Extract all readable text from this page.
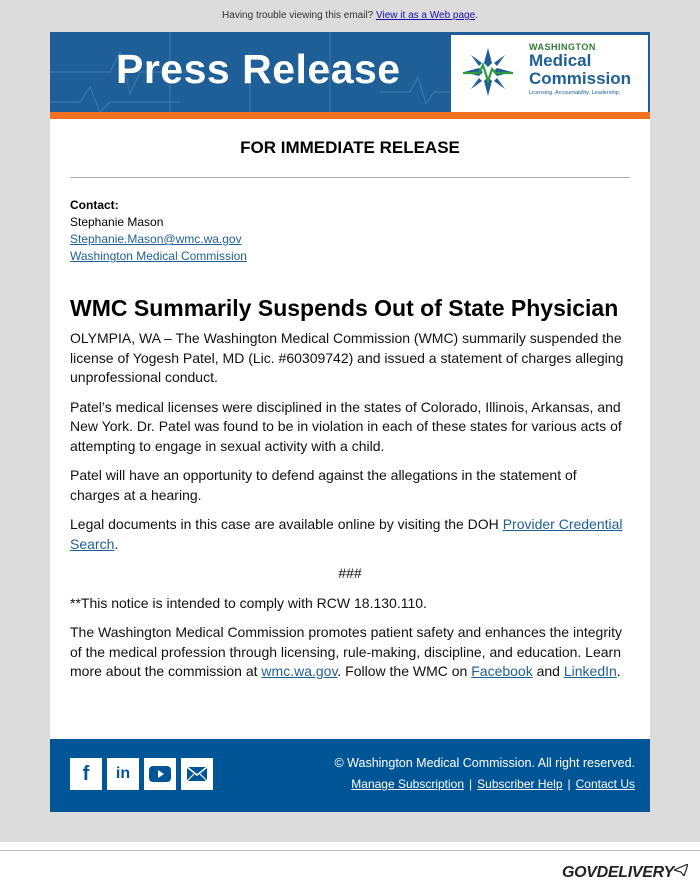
Having trouble viewing this email? View it as a Web page.
Press Release	WASHINGTON
Medical
Commission
Licensing. Accountability. Leadership.
FOR IMMEDIATE RELEASE
Contact:
Stephanie Mason
Stephanie.Mason@wmc.wa.gov
Washington Medical Commission
WMC Summarily Suspends Out of State Physician

OLYMPIA, WA – The Washington Medical Commission (WMC) summarily suspended the license of Yogesh Patel, MD (Lic. #60309742) and issued a statement of charges alleging unprofessional conduct.

Patel’s medical licenses were disciplined in the states of Colorado, Illinois, Arkansas, and New York. Dr. Patel was found to be in violation in each of these states for various acts of attempting to engage in sexual activity with a child.

Patel will have an opportunity to defend against the allegations in the statement of charges at a hearing.

Legal documents in this case are available online by visiting the DOH Provider Credential Search.

###

**This notice is intended to comply with RCW 18.130.110.

The Washington Medical Commission promotes patient safety and enhances the integrity of the medical profession through licensing, rule-making, discipline, and education. Learn more about the commission at wmc.wa.gov. Follow the WMC on Facebook and LinkedIn.

f in
© Washington Medical Commission. All right reserved.
Manage Subscription | Subscriber Help | Contact Us
GOVDELIVERY
